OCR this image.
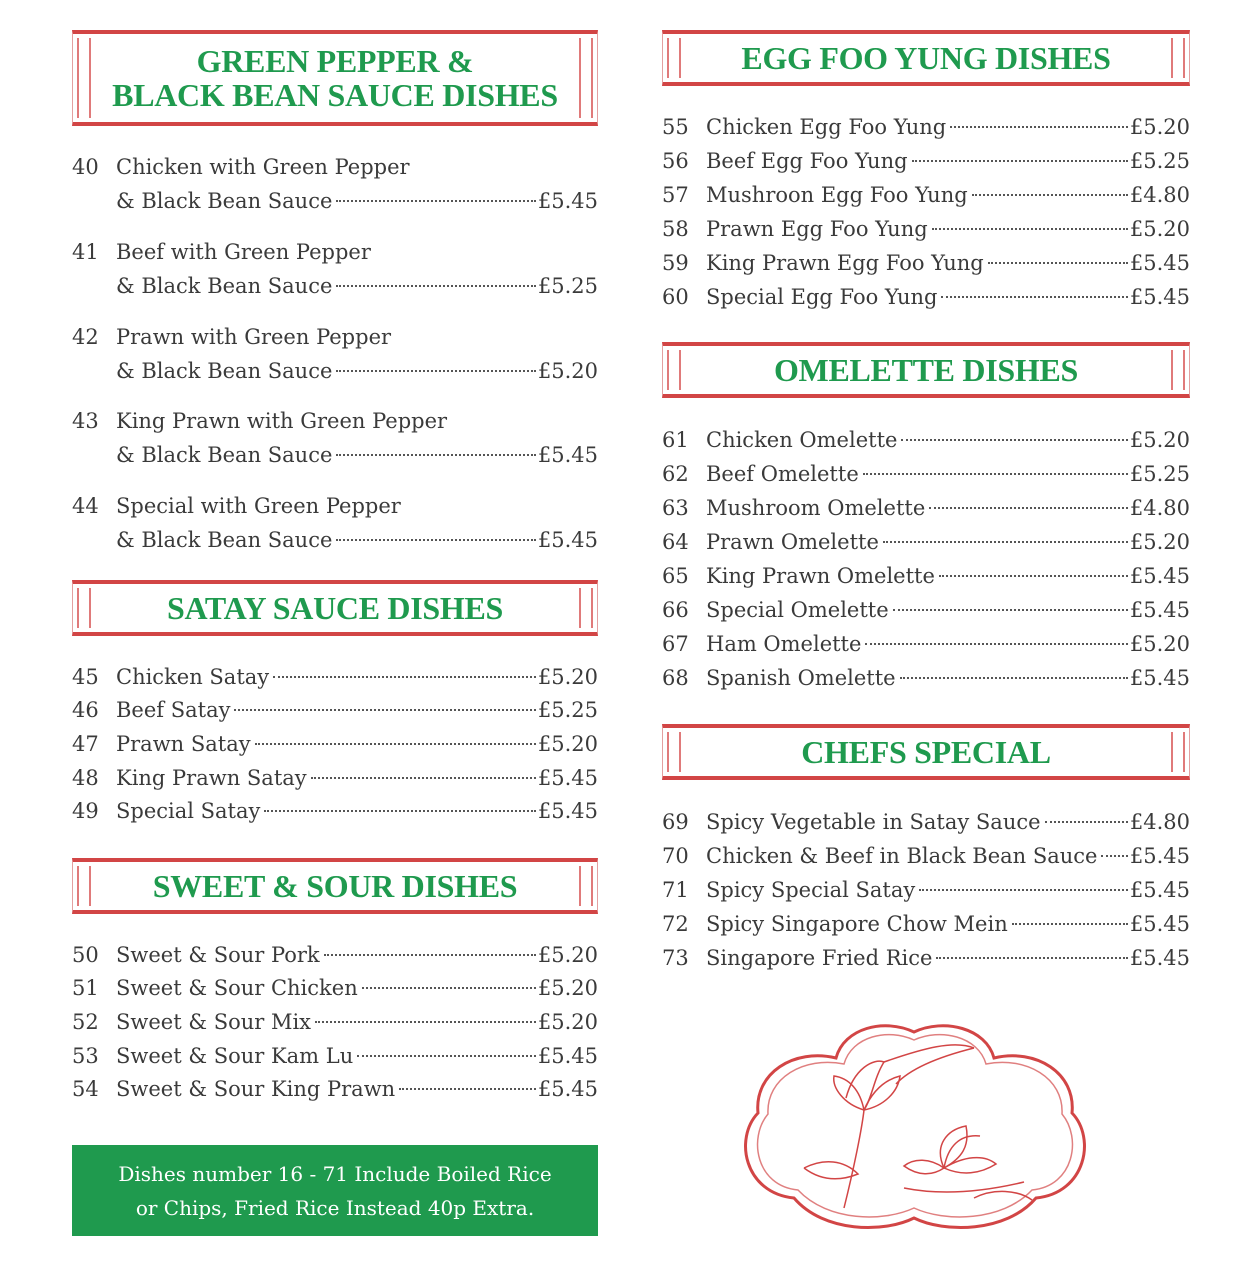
GREEN PEPPER &
BLACK BEAN SAUCE DISHES
40 Chicken with Green Pepper
& Black Bean Sauce	£5.45
41 Beef with Green Pepper
& Black Bean Sauce	£5.25
42 Prawn with Green Pepper
& Black Bean Sauce	£5.20
43 King Prawn with Green Pepper
& Black Bean Sauce	£5.45
44 Special with Green Pepper
& Black Bean Sauce	£5.45
SATAY SAUCE DISHES
45 Chicken Satay	£5.20
46 Beef Satay	£5.25
47 Prawn Satay	£5.20
48 King Prawn Satay	£5.45
49 Special Satay	£5.45
SWEET & SOUR DISHES
50 Sweet & Sour Pork	£5.20
51 Sweet & Sour Chicken	£5.20
52 Sweet & Sour Mix	£5.20
53 Sweet & Sour Kam Lu	£5.45
54 Sweet & Sour King Prawn	£5.45
Dishes number 16 - 71 Include Boiled Rice
or Chips, Fried Rice Instead 40p Extra.
EGG FOO YUNG DISHES
55 Chicken Egg Foo Yung	£5.20
56 Beef Egg Foo Yung	£5.25
57 Mushroon Egg Foo Yung	£4.80
58 Prawn Egg Foo Yung	£5.20
59 King Prawn Egg Foo Yung	£5.45
60 Special Egg Foo Yung	£5.45
OMELETTE DISHES
61 Chicken Omelette	£5.20
62 Beef Omelette	£5.25
63 Mushroom Omelette	£4.80
64 Prawn Omelette	£5.20
65 King Prawn Omelette	£5.45
66 Special Omelette	£5.45
67 Ham Omelette	£5.20
68 Spanish Omelette	£5.45
CHEFS SPECIAL
69 Spicy Vegetable in Satay Sauce	£4.80
70 Chicken & Beef in Black Bean Sauce £5.45
71 Spicy Special Satay	£5.45
72 Spicy Singapore Chow Mein	£5.45
73 Singapore Fried Rice	£5.45
